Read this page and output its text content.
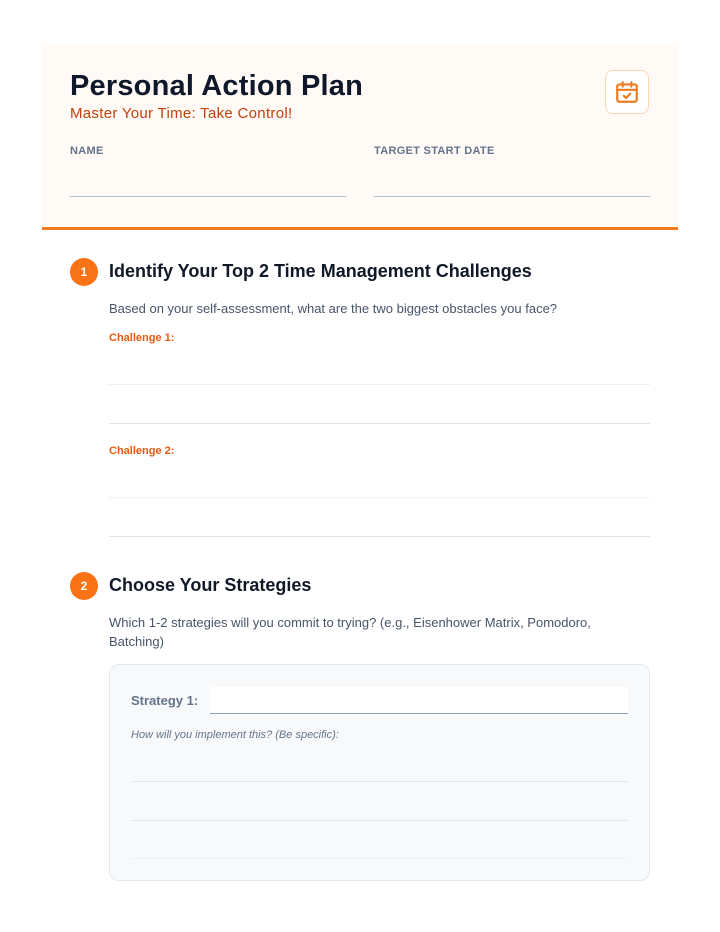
Personal Action Plan
Master Your Time: Take Control!
NAME	TARGET START DATE
1	Identify Your Top 2 Time Management Challenges
Based on your self-assessment, what are the two biggest obstacles you face?
Challenge 1:
Challenge 2:
2	Choose Your Strategies
Which 1-2 strategies will you commit to trying? (e.g., Eisenhower Matrix, Pomodoro, Batching)
Strategy 1:
How will you implement this? (Be specific):
